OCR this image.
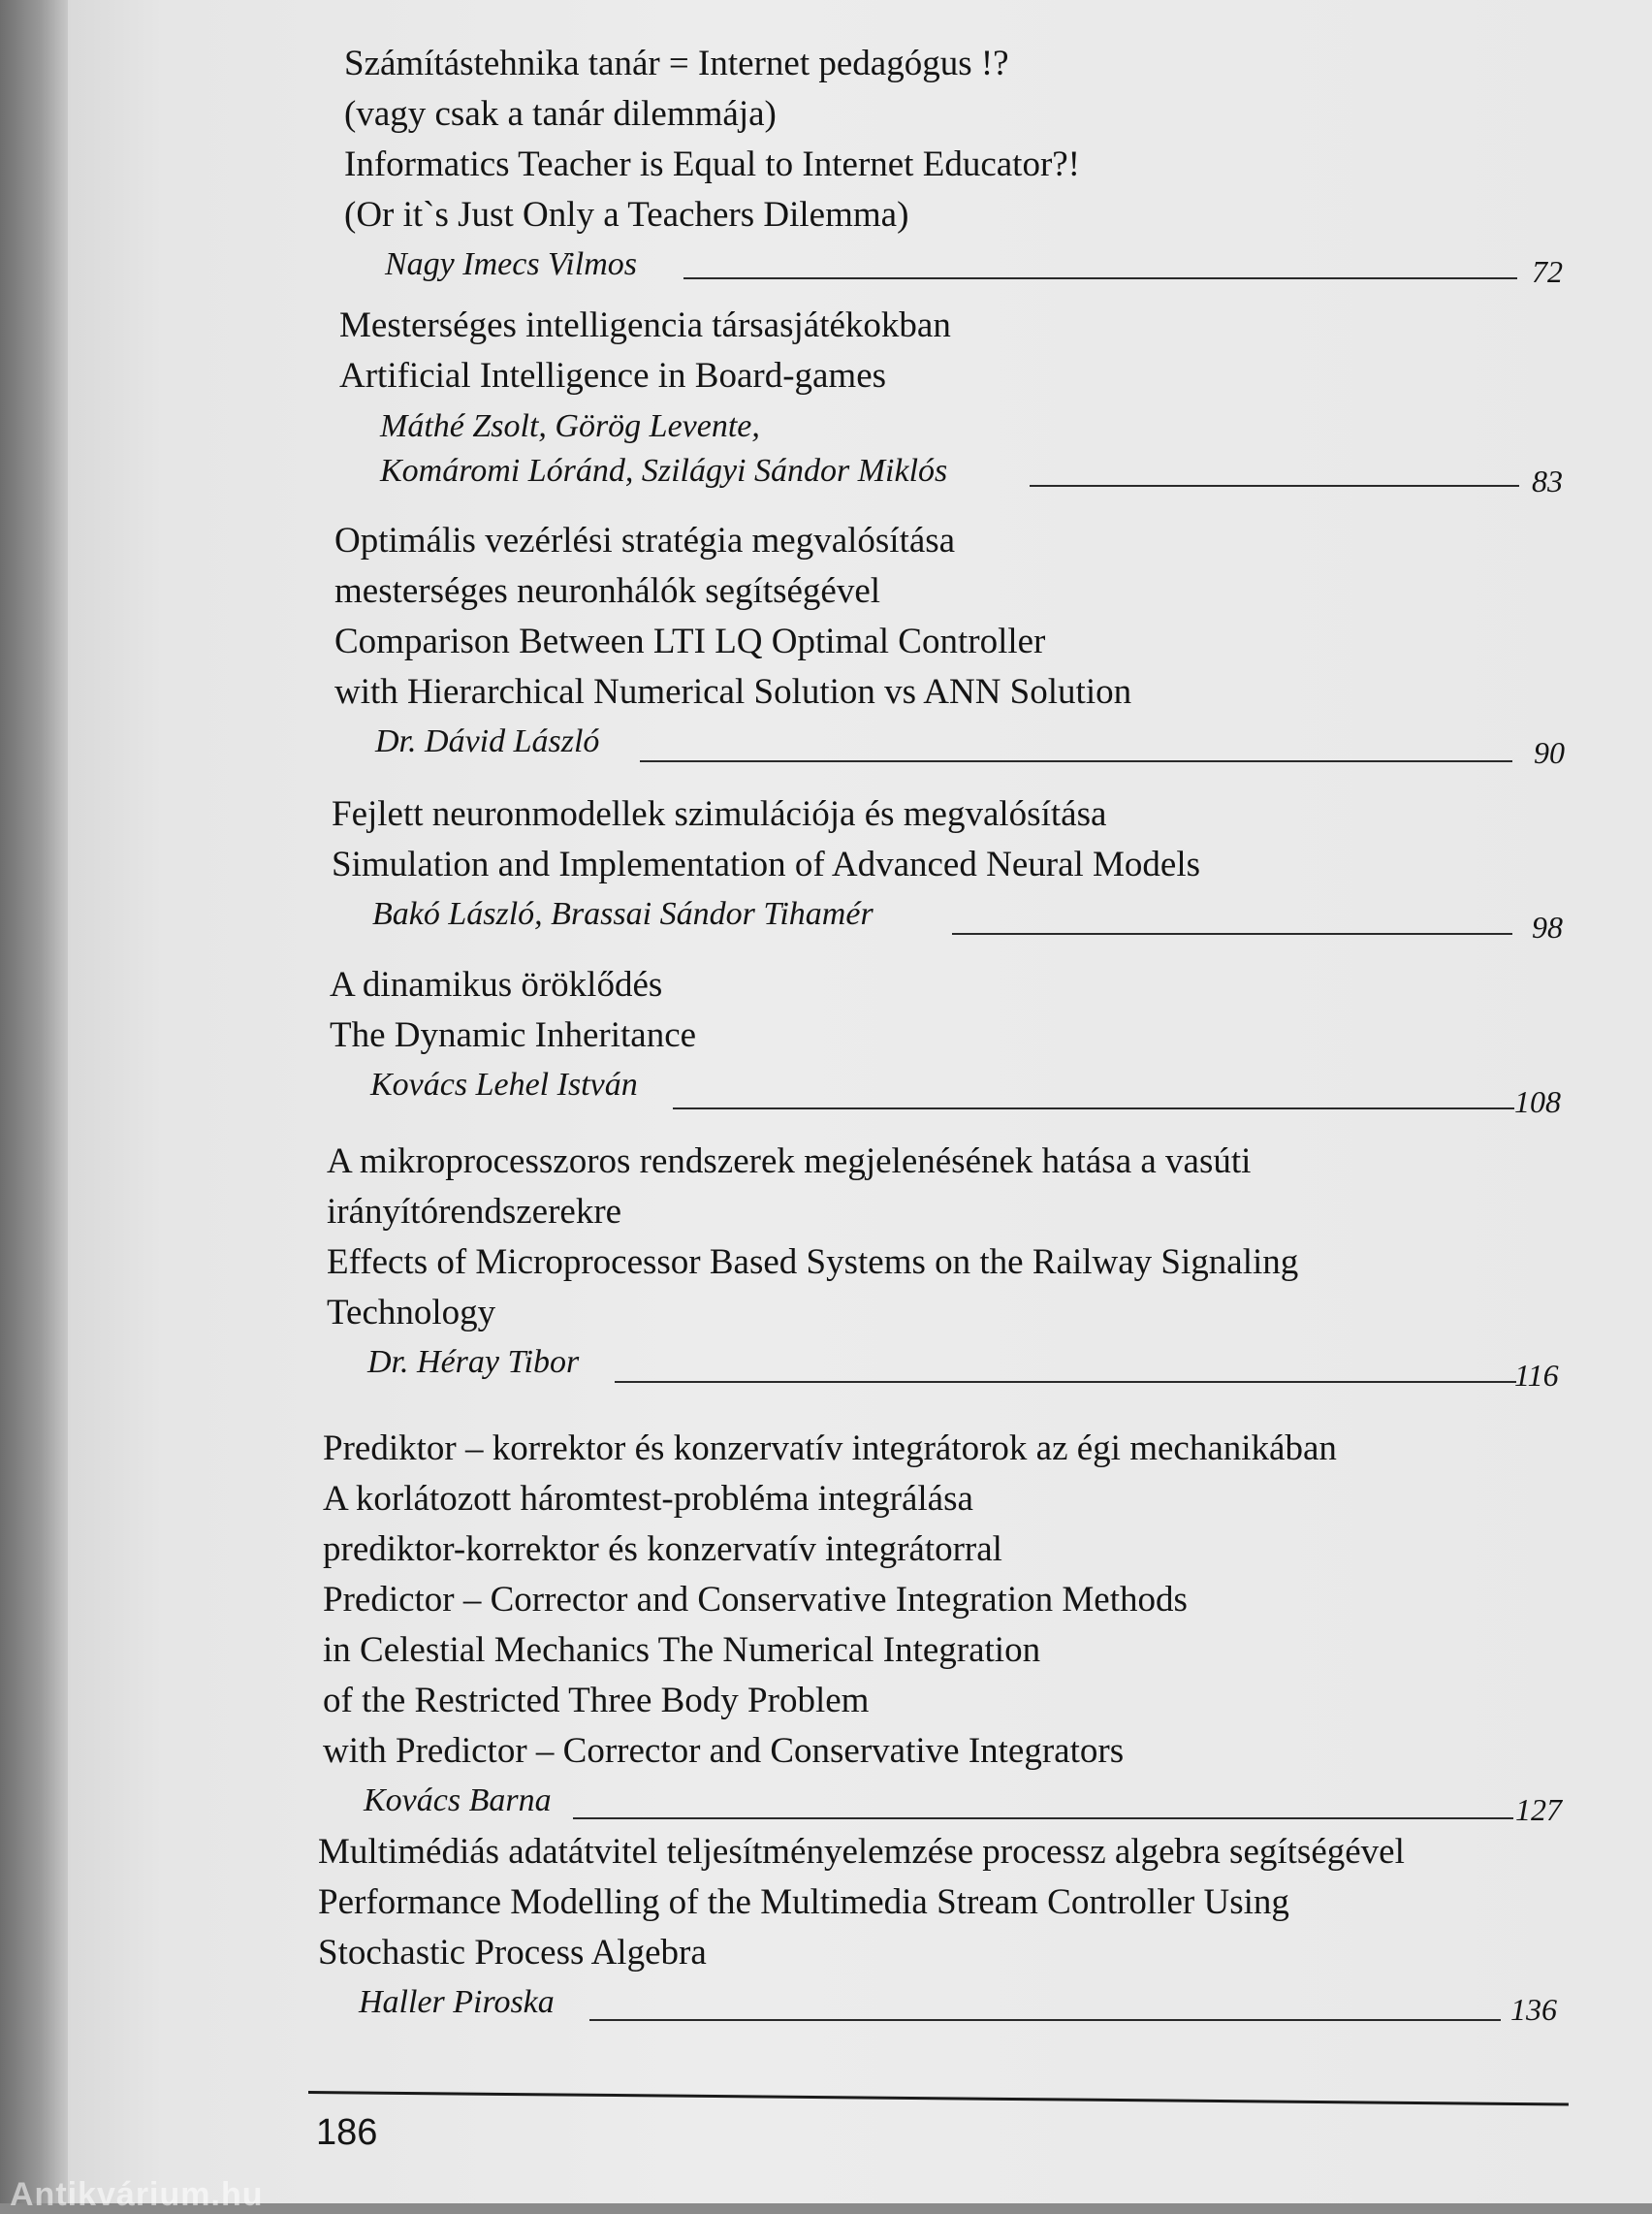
Számítástehnika tanár = Internet pedagógus !?
(vagy csak a tanár dilemmája)
Informatics Teacher is Equal to Internet Educator?!
(Or it`s Just Only a Teachers Dilemma)
Nagy Imecs Vilmos	72
Mesterséges intelligencia társasjátékokban
Artificial Intelligence in Board-games
Máthé Zsolt, Görög Levente,
Komáromi Lóránd, Szilágyi Sándor Miklós	83
Optimális vezérlési stratégia megvalósítása
mesterséges neuronhálók segítségével
Comparison Between LTI LQ Optimal Controller
with Hierarchical Numerical Solution vs ANN Solution
Dr. Dávid László	90
Fejlett neuronmodellek szimulációja és megvalósítása
Simulation and Implementation of Advanced Neural Models
Bakó László, Brassai Sándor Tihamér	98
A dinamikus öröklődés
The Dynamic Inheritance
Kovács Lehel István	108
A mikroprocesszoros rendszerek megjelenésének hatása a vasúti
irányítórendszerekre
Effects of Microprocessor Based Systems on the Railway Signaling
Technology
Dr. Héray Tibor	116
Prediktor – korrektor és konzervatív integrátorok az égi mechanikában
A korlátozott háromtest-probléma integrálása
prediktor-korrektor és konzervatív integrátorral
Predictor – Corrector and Conservative Integration Methods
in Celestial Mechanics The Numerical Integration
of the Restricted Three Body Problem
with Predictor – Corrector and Conservative Integrators
Kovács Barna	127
Multimédiás adatátvitel teljesítményelemzése processz algebra segítségével
Performance Modelling of the Multimedia Stream Controller Using
Stochastic Process Algebra
Haller Piroska	136
186
Antikvárium.hu
